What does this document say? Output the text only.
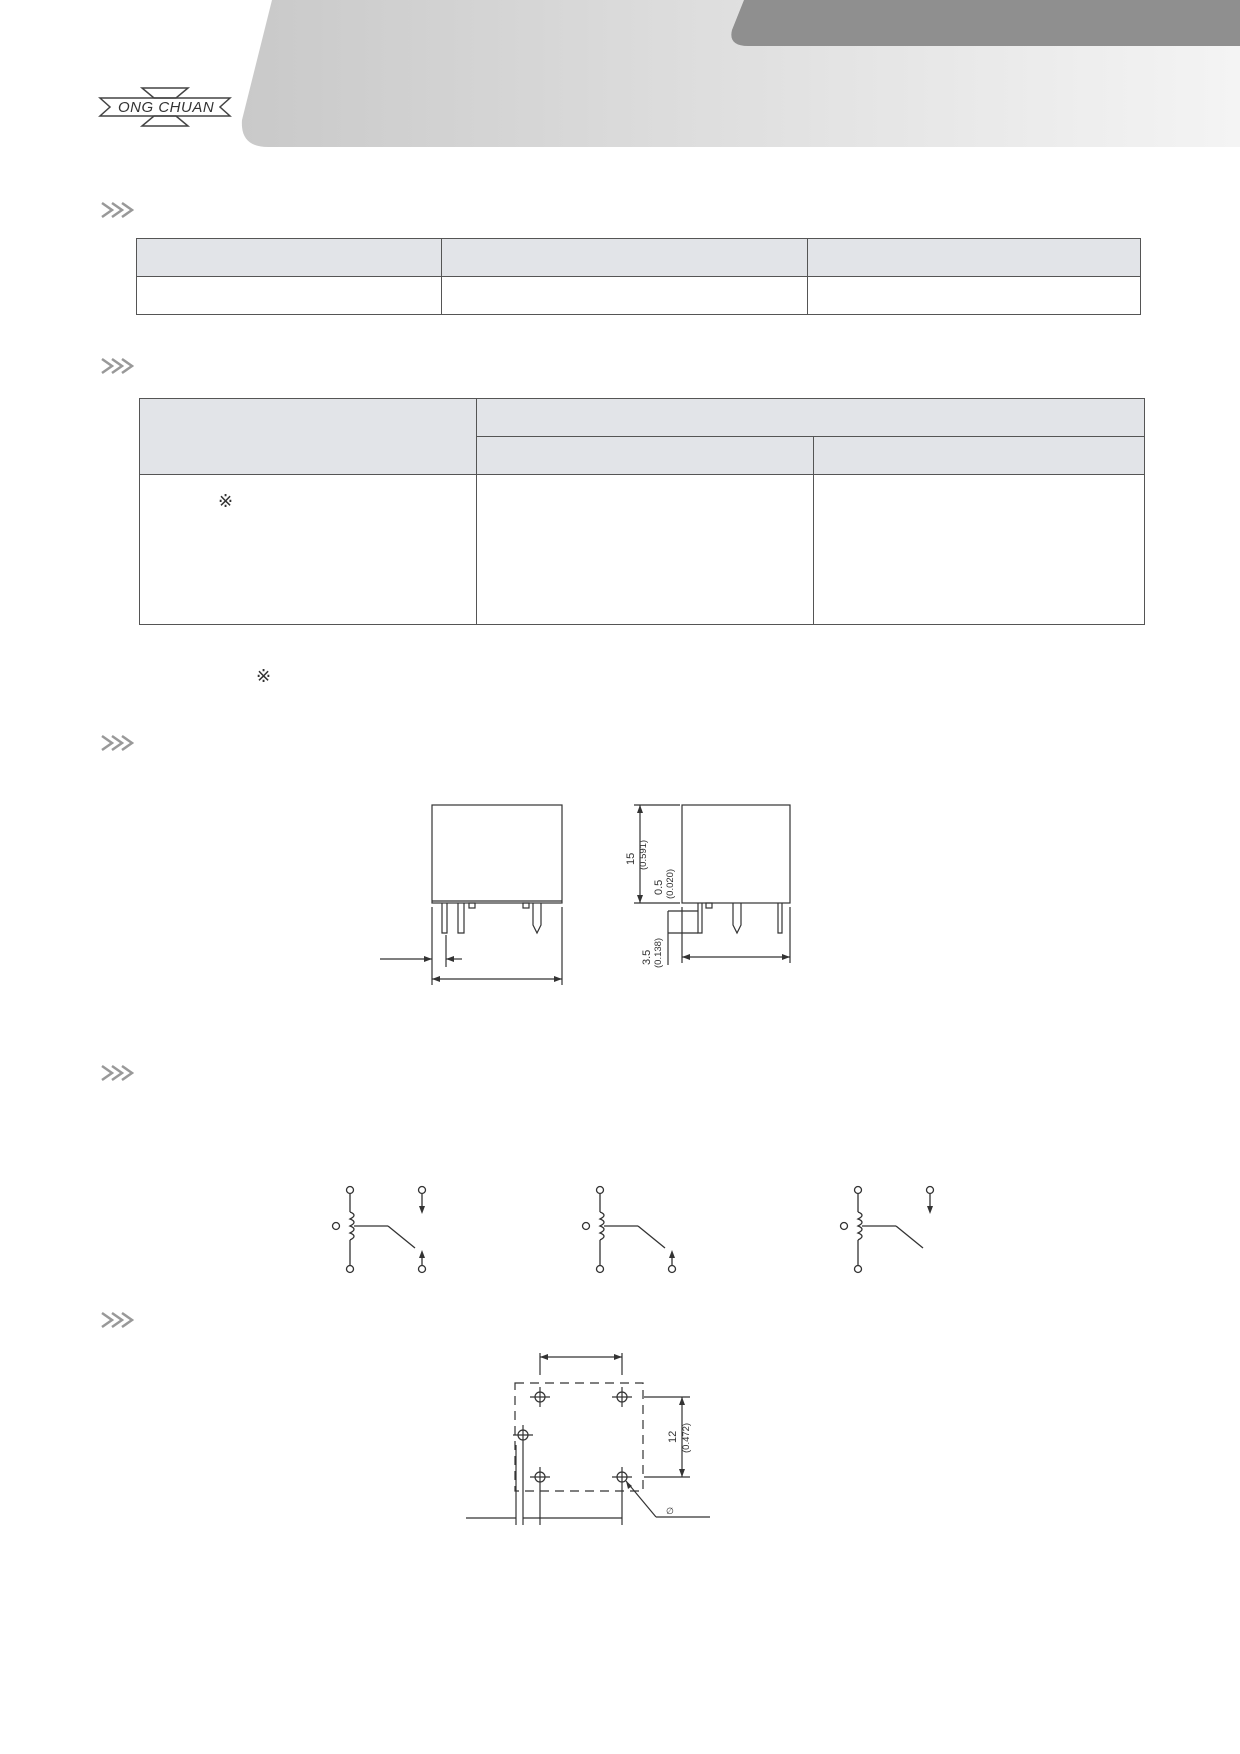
ONG CHUAN

※
※
15 (0.591)
0.5 (0.020)
3.5 (0.138)
12 (0.472)
∅
